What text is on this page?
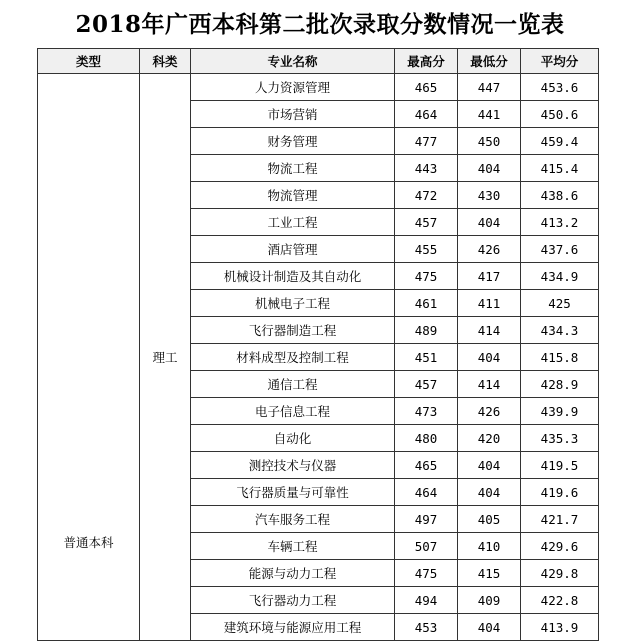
2018年广西本科第二批次录取分数情况一览表
类型	科类	专业名称	最高分	最低分	平均分
普通本科	理工	人力资源管理	465	447	453.6
		市场营销	464	441	450.6
		财务管理	477	450	459.4
		物流工程	443	404	415.4
		物流管理	472	430	438.6
		工业工程	457	404	413.2
		酒店管理	455	426	437.6
		机械设计制造及其自动化	475	417	434.9
		机械电子工程	461	411	425
		飞行器制造工程	489	414	434.3
		材料成型及控制工程	451	404	415.8
		通信工程	457	414	428.9
		电子信息工程	473	426	439.9
		自动化	480	420	435.3
		测控技术与仪器	465	404	419.5
		飞行器质量与可靠性	464	404	419.6
		汽车服务工程	497	405	421.7
		车辆工程	507	410	429.6
		能源与动力工程	475	415	429.8
		飞行器动力工程	494	409	422.8
		建筑环境与能源应用工程	453	404	413.9
